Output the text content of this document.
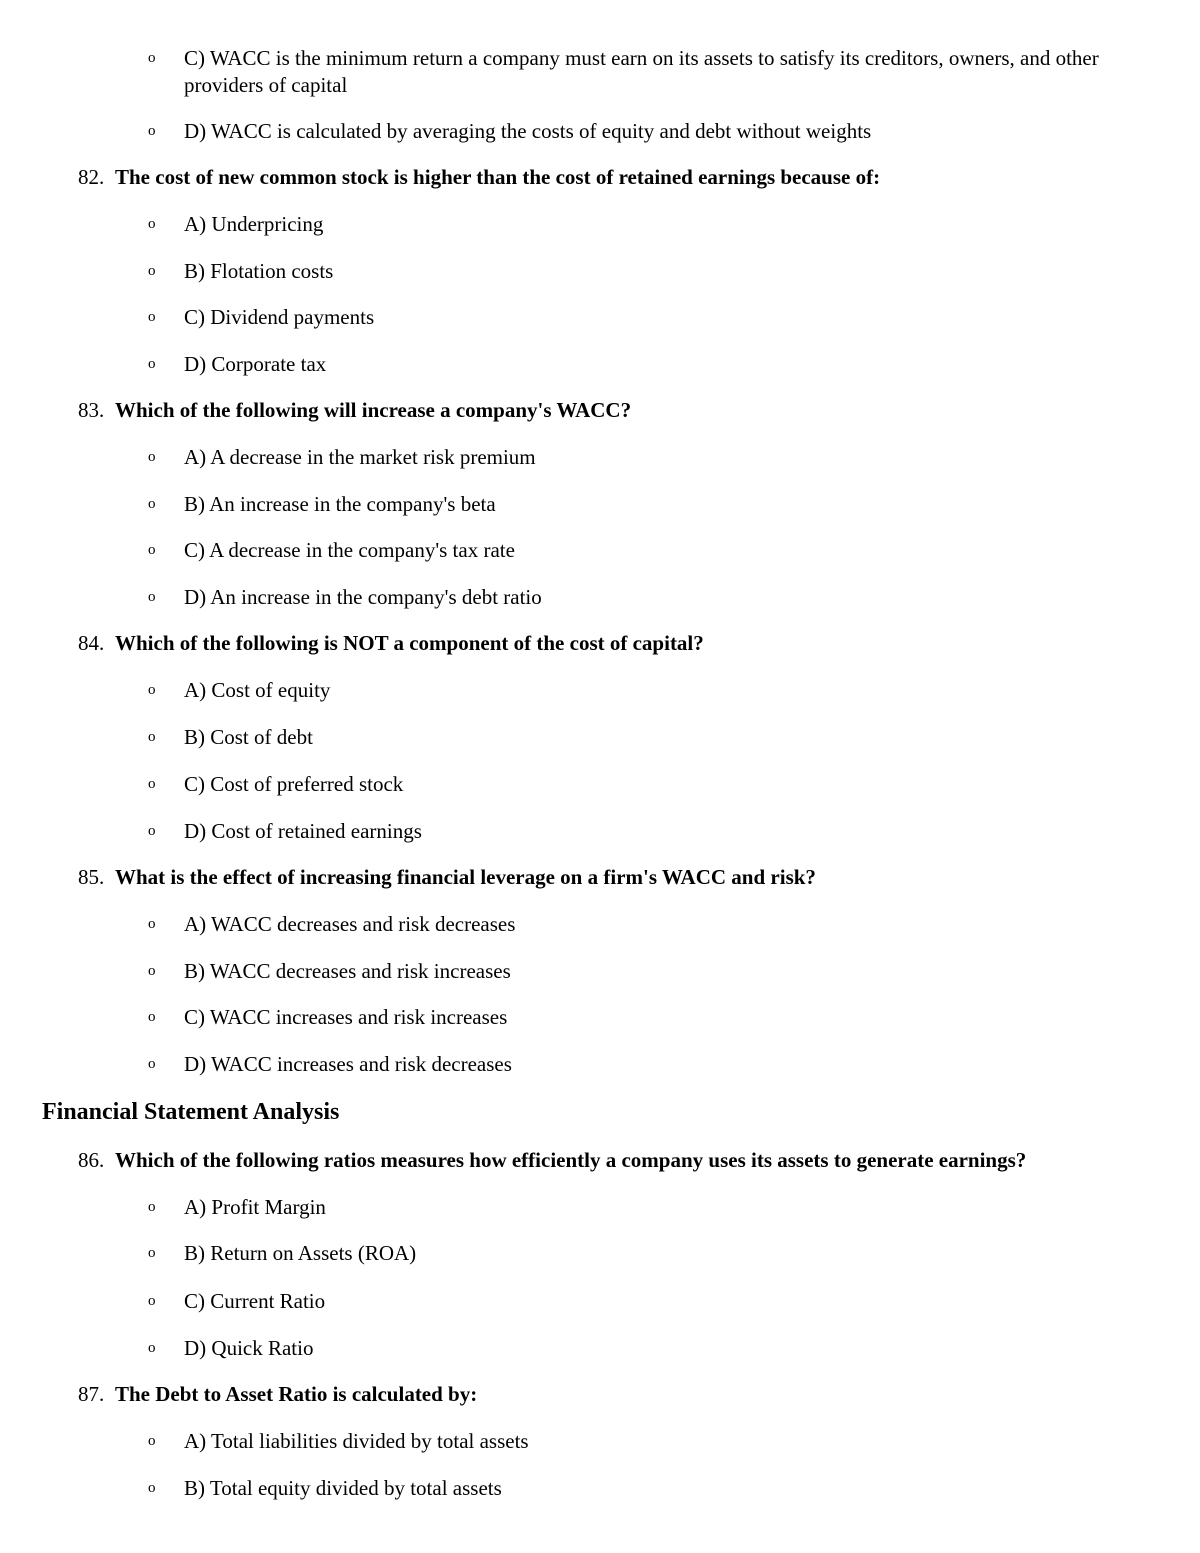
o C) WACC is the minimum return a company must earn on its assets to satisfy its creditors, owners, and other providers of capital
o D) WACC is calculated by averaging the costs of equity and debt without weights
82. The cost of new common stock is higher than the cost of retained earnings because of:
o A) Underpricing
o B) Flotation costs
o C) Dividend payments
o D) Corporate tax
83. Which of the following will increase a company's WACC?
o A) A decrease in the market risk premium
o B) An increase in the company's beta
o C) A decrease in the company's tax rate
o D) An increase in the company's debt ratio
84. Which of the following is NOT a component of the cost of capital?
o A) Cost of equity
o B) Cost of debt
o C) Cost of preferred stock
o D) Cost of retained earnings
85. What is the effect of increasing financial leverage on a firm's WACC and risk?
o A) WACC decreases and risk decreases
o B) WACC decreases and risk increases
o C) WACC increases and risk increases
o D) WACC increases and risk decreases
Financial Statement Analysis
86. Which of the following ratios measures how efficiently a company uses its assets to generate earnings?
o A) Profit Margin
o B) Return on Assets (ROA)
o C) Current Ratio
o D) Quick Ratio
87. The Debt to Asset Ratio is calculated by:
o A) Total liabilities divided by total assets
o B) Total equity divided by total assets
